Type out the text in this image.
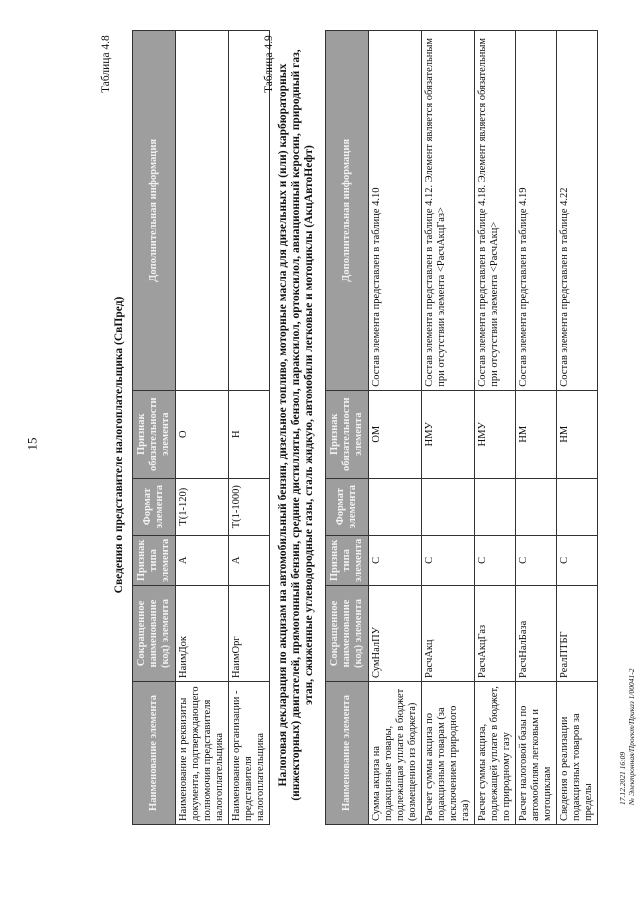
15
Таблица 4.8
Сведения о представителе налогоплательщика (СвПред)
Наименование элемента	Сокращенное наименование (код) элемента	Признак типа элемента	Формат элемента	Признак обязательности элемента	Дополнительная информация
Наименование и реквизиты документа, подтверждающего полномочия представителя налогоплательщика	НаимДок	А	T(1-120)	О	
Наименование организации - представителя налогоплательщика	НаимОрг	А	T(1-1000)	Н	
Таблица 4.9 Налоговая декларация по акцизам на автомобильный бензин, дизельное топливо, моторные масла для дизельных и (или) карбюраторных (инжекторных) двигателей, прямогонный бензин, средние дистилляты, бензол, параксилол, ортоксилол, авиационный керосин, природный газ, этан, сжиженные углеводородные газы, сталь жидкую, автомобили легковые и мотоциклы (АкцАвтоНефт)
Наименование элемента	Сокращенное наименование (код) элемента	Признак типа элемента	Формат элемента	Признак обязательности элемента	Дополнительная информация
Сумма акциза на подакцизные товары, подлежащая уплате в бюджет (возмещению из бюджета)	СумНалПУ	С		ОМ	Состав элемента представлен в таблице 4.10
Расчет суммы акциза по подакцизным товарам (за исключением природного газа)	РасчАкц	С		НМУ	Состав элемента представлен в таблице 4.12. Элемент является обязательным при отсутствии элемента <РасчАкцГаз>
Расчет суммы акциза, подлежащей уплате в бюджет, по природному газу	РасчАкцГаз	С		НМУ	Состав элемента представлен в таблице 4.18. Элемент является обязательным при отсутствии элемента <РасчАкц>
Расчет налоговой базы по автомобилям легковым и мотоциклам	РасчНалБаза	С		НМ	Состав элемента представлен в таблице 4.19
Сведения о реализации подакцизных товаров за пределы	РеалПТБГ	С		НМ	Состав элемента представлен в таблице 4.22
17.12.2021 16:09 № Электронная/Проект/Приказ 1/00041-2
